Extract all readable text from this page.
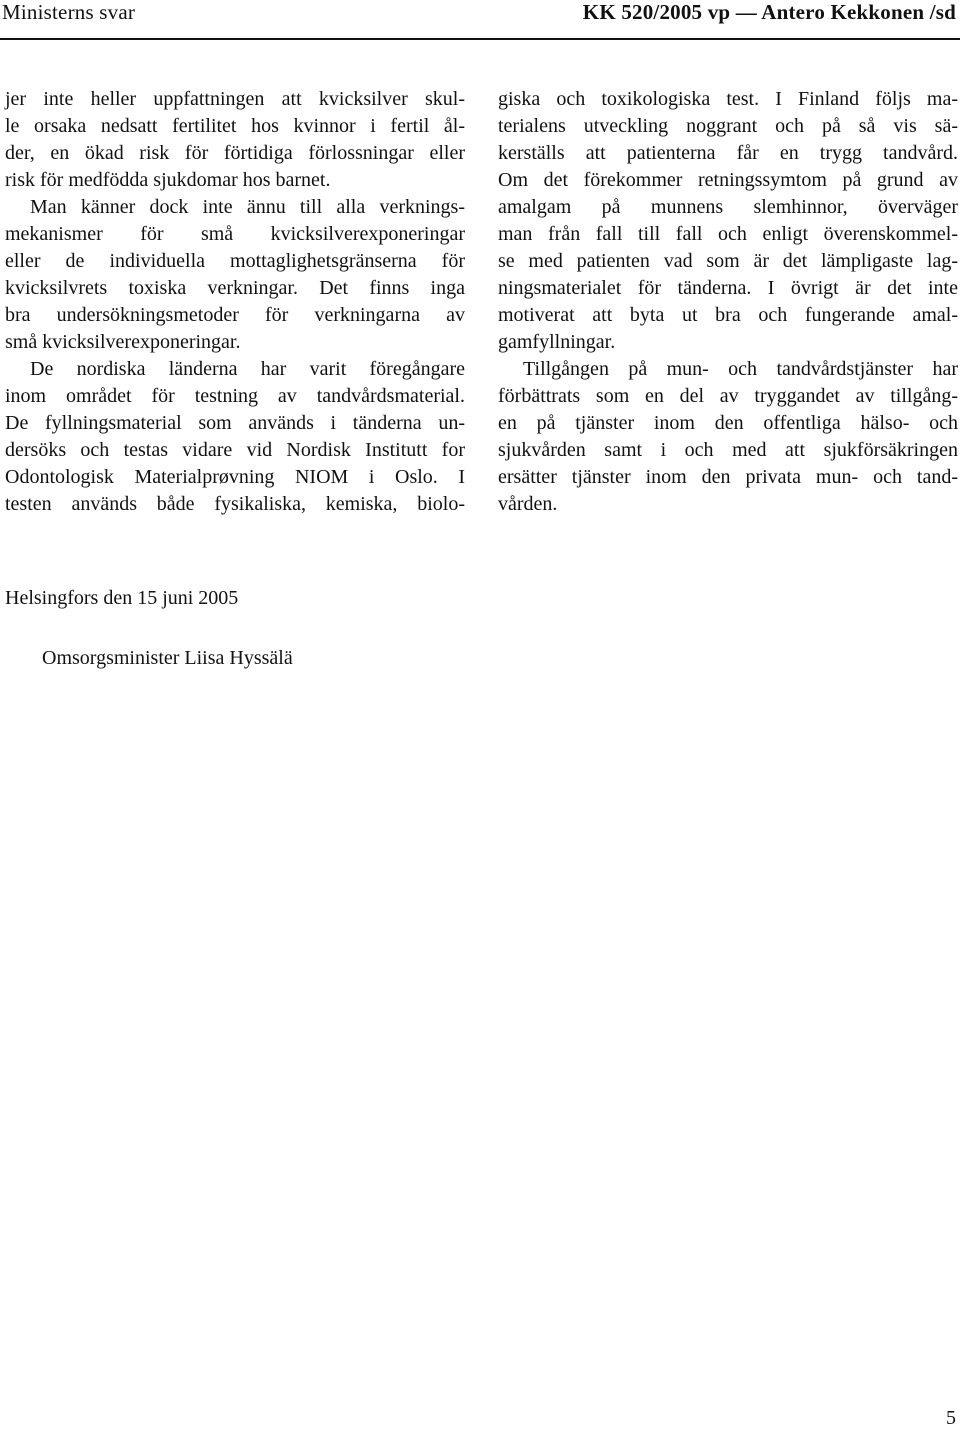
Ministerns svar	KK 520/2005 vp — Antero Kekkonen /sd
jer inte heller uppfattningen att kvicksilver skul-
le orsaka nedsatt fertilitet hos kvinnor i fertil ål-
der, en ökad risk för förtidiga förlossningar eller
risk för medfödda sjukdomar hos barnet.
Man känner dock inte ännu till alla verknings-
mekanismer för små kvicksilverexponeringar
eller de individuella mottaglighetsgränserna för
kvicksilvrets toxiska verkningar. Det finns inga
bra undersökningsmetoder för verkningarna av
små kvicksilverexponeringar.
De nordiska länderna har varit föregångare
inom området för testning av tandvårdsmaterial.
De fyllningsmaterial som används i tänderna un-
dersöks och testas vidare vid Nordisk Institutt for
Odontologisk Materialprøvning NIOM i Oslo. I
testen används både fysikaliska, kemiska, biolo-
giska och toxikologiska test. I Finland följs ma-
terialens utveckling noggrant och på så vis sä-
kerställs att patienterna får en trygg tandvård.
Om det förekommer retningssymtom på grund av
amalgam på munnens slemhinnor, överväger
man från fall till fall och enligt överenskommel-
se med patienten vad som är det lämpligaste lag-
ningsmaterialet för tänderna. I övrigt är det inte
motiverat att byta ut bra och fungerande amal-
gamfyllningar.
Tillgången på mun- och tandvårdstjänster har
förbättrats som en del av tryggandet av tillgång-
en på tjänster inom den offentliga hälso- och
sjukvården samt i och med att sjukförsäkringen
ersätter tjänster inom den privata mun- och tand-
vården.
Helsingfors den 15 juni 2005
Omsorgsminister Liisa Hyssälä
5
